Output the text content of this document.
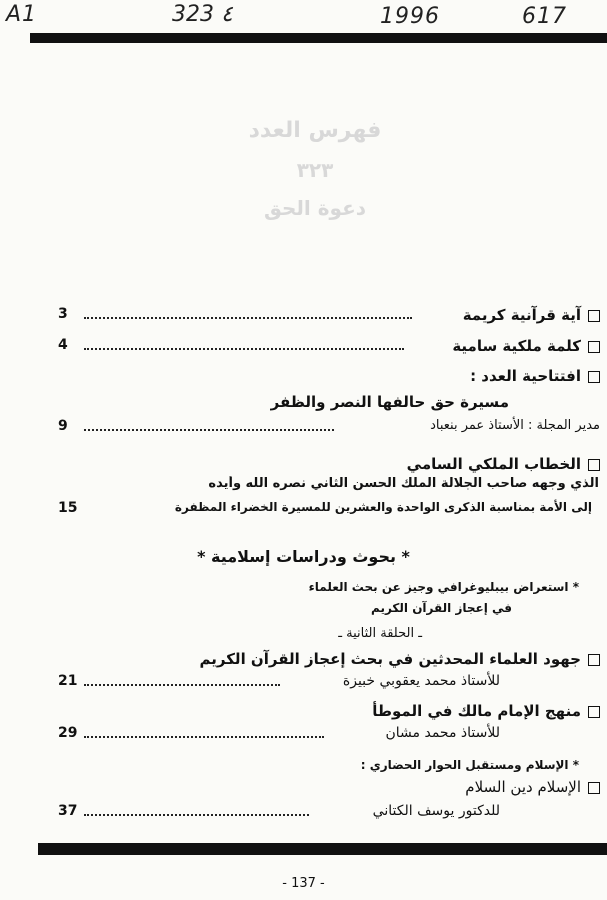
A1	323 ٤	1996	617
فهرس العدد
٣٢٣
دعوة الحق
3	آية قرآنية كريمة
4	كلمة ملكية سامية
افتتاحية العدد :
مسيرة حق حالفها النصر والظفر
9	مدير المجلة : الأستاذ عمر بنعباد
الخطاب الملكي السامي
الذي وجهه صاحب الجلالة الملك الحسن الثاني نصره الله وأيده
15	إلى الأمة بمناسبة الذكرى الواحدة والعشرين للمسيرة الخضراء المظفرة
* بحوث ودراسات إسلامية *
* استعراض بيبليوغرافي وجيز عن بحث العلماء
في إعجاز القرآن الكريم
ـ الحلقة الثانية ـ
جهود العلماء المحدثين في بحث إعجاز القرآن الكريم
21	للأستاذ محمد يعقوبي خبيزة
منهج الإمام مالك في الموطأ
29	للأستاذ محمد مشان
* الإسلام ومستقبل الحوار الحضاري :
الإسلام دين السلام
37	للدكتور يوسف الكتاني
- 137 -
